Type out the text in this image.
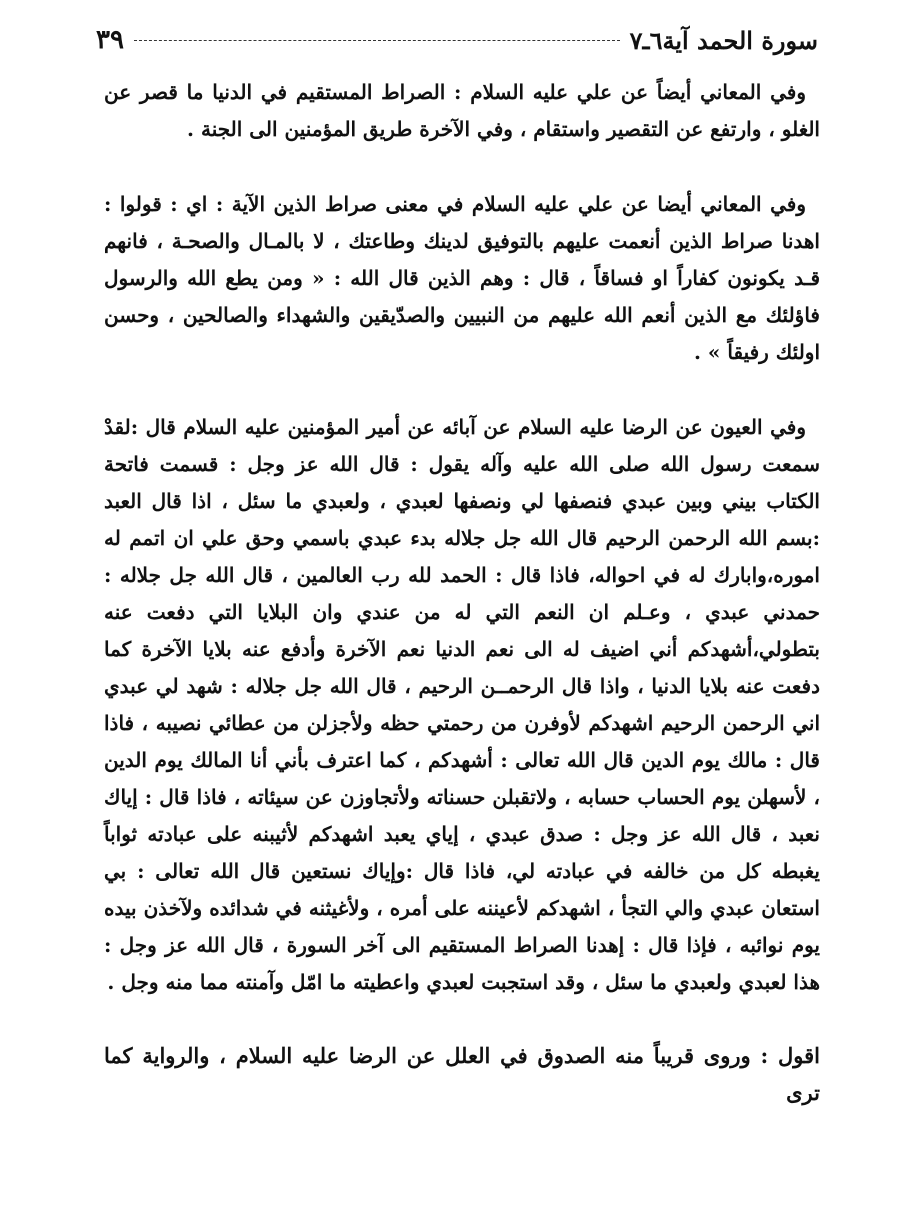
سورة الحمد آية٦ـ٧
٣٩

وفي المعاني أيضاً عن علي عليه السلام : الصراط المستقيم في الدنيا ما قصر عن الغلو ، وارتفع عن التقصير واستقام ، وفي الآخرة طريق المؤمنين الى الجنة .

وفي المعاني أيضا عن علي عليه السلام في معنى صراط الذين الآية : اي : قولوا : اهدنا صراط الذين أنعمت عليهم بالتوفيق لدينك وطاعتك ، لا بالمـال والصحـة ، فانهم قـد يكونون كفاراً او فساقاً ، قال : وهم الذين قال الله : « ومن يطع الله والرسول فاؤلئك مع الذين أنعم الله عليهم من النبيين والصدّيقين والشهداء والصالحين ، وحسن اولئك رفيقاً » .

وفي العيون عن الرضا عليه السلام عن آبائه عن أمير المؤمنين عليه السلام قال :لقدْ سمعت رسول الله صلى الله عليه وآله يقول : قال الله عز وجل : قسمت فاتحة الكتاب بيني وبين عبدي فنصفها لي ونصفها لعبدي ، ولعبدي ما سئل ، اذا قال العبد :بسم الله الرحمن الرحيم قال الله جل جلاله بدء عبدي باسمي وحق علي ان اتمم له اموره،وابارك له في احواله، فاذا قال : الحمد لله رب العالمين ، قال الله جل جلاله : حمدني عبدي ، وعـلم ان النعم التي له من عندي وان البلايا التي دفعت عنه بتطولي،أشهدكم أني اضيف له الى نعم الدنيا نعم الآخرة وأدفع عنه بلايا الآخرة كما دفعت عنه بلايا الدنيا ، واذا قال الرحمــن الرحيم ، قال الله جل جلاله : شهد لي عبدي اني الرحمن الرحيم اشهدكم لأوفرن من رحمتي حظه ولأجزلن من عطائي نصيبه ، فاذا قال : مالك يوم الدين قال الله تعالى : أشهدكم ، كما اعترف بأني أنا المالك يوم الدين ، لأسهلن يوم الحساب حسابه ، ولاتقبلن حسناته ولأتجاوزن عن سيئاته ، فاذا قال : إياك نعبد ، قال الله عز وجل : صدق عبدي ، إياي يعبد اشهدكم لأثيبنه على عبادته ثواباً يغبطه كل من خالفه في عبادته لي، فاذا قال :وإياك نستعين قال الله تعالى : بي استعان عبدي والي التجأ ، اشهدكم لأعيننه على أمره ، ولأغيثنه في شدائده ولآخذن بيده يوم نوائبه ، فإذا قال : إهدنا الصراط المستقيم الى آخر السورة ، قال الله عز وجل : هذا لعبدي ولعبدي ما سئل ، وقد استجبت لعبدي واعطيته ما امّل وآمنته مما منه وجل .

اقول : وروى قريباً منه الصدوق في العلل عن الرضا عليه السلام ، والرواية كما ترى
